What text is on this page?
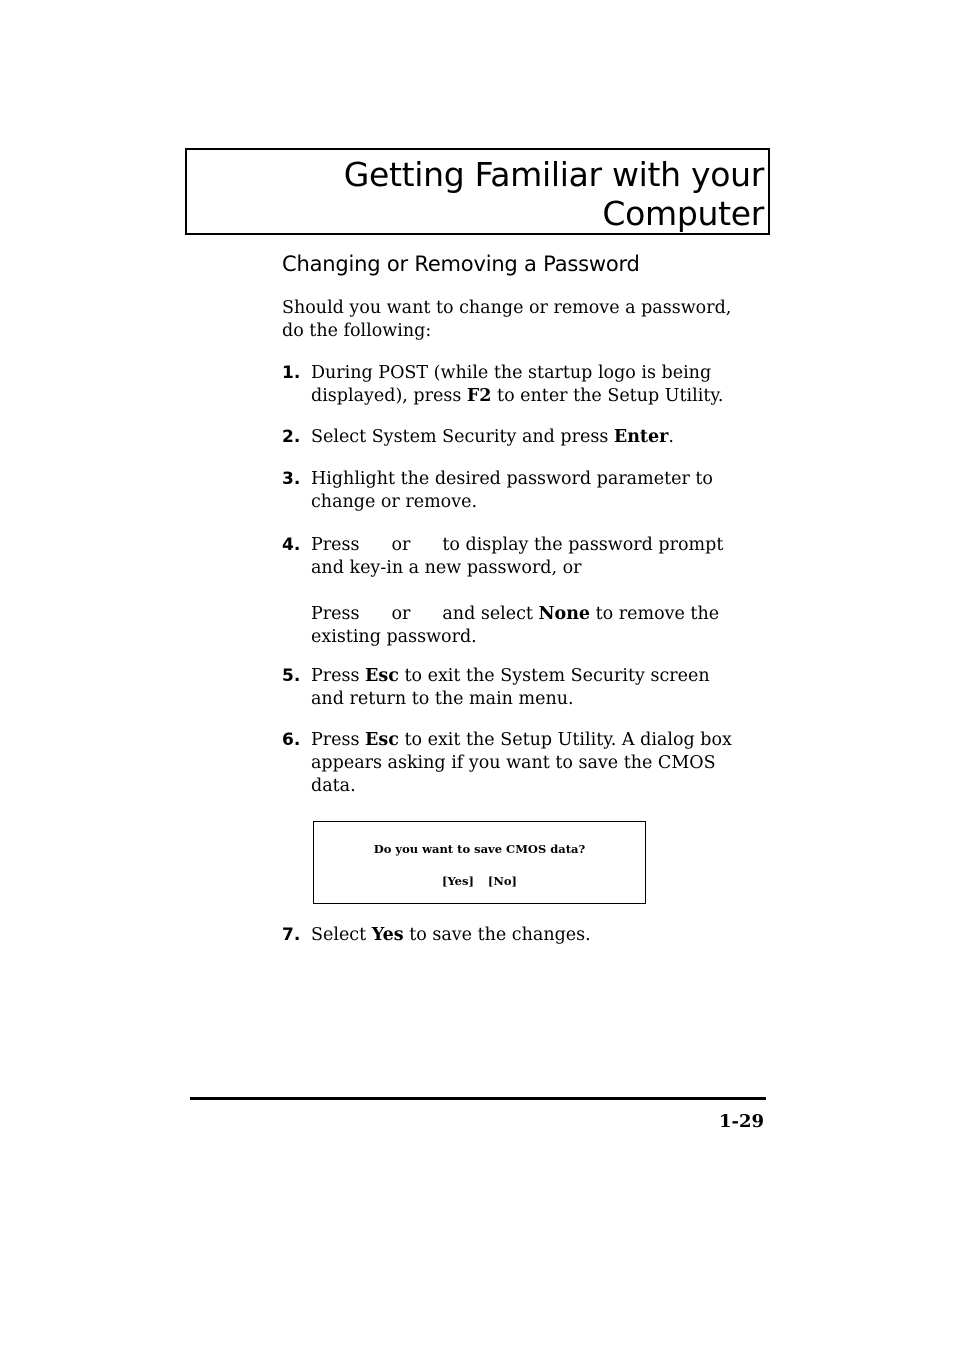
Getting Familiar with your
Computer
Changing or Removing a Password
Should you want to change or remove a password,
do the following:
1. During POST (while the startup logo is being
displayed), press F2 to enter the Setup Utility.
2. Select System Security and press Enter.
3. Highlight the desired password parameter to
change or remove.
4. Press or to display the password prompt
and key-in a new password, or
Press or and select None to remove the
existing password.
5. Press Esc to exit the System Security screen
and return to the main menu.
6. Press Esc to exit the Setup Utility. A dialog box
appears asking if you want to save the CMOS
data.
Do you want to save CMOS data?
[Yes] [No]
7. Select Yes to save the changes.
1-29
